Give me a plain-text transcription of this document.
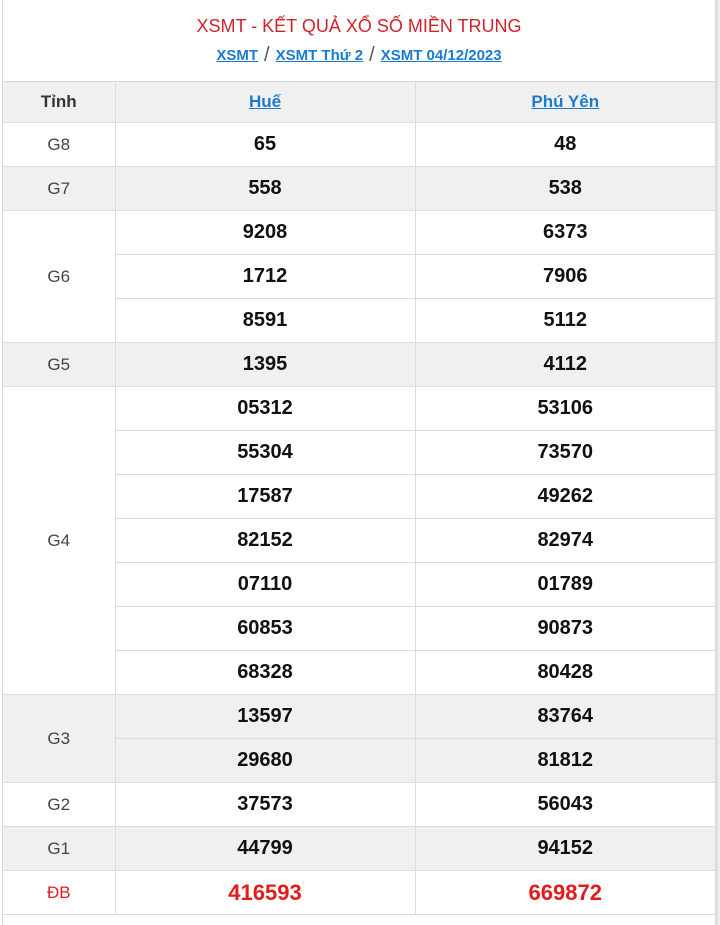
XSMT - KẾT QUẢ XỔ SỐ MIỀN TRUNG
XSMT / XSMT Thứ 2 / XSMT 04/12/2023
Tỉnh	Huế	Phú Yên
G8	65	48
G7	558	538
G6	9208	6373
	1712	7906
	8591	5112
G5	1395	4112
G4	05312	53106
	55304	73570
	17587	49262
	82152	82974
	07110	01789
	60853	90873
	68328	80428
G3	13597	83764
	29680	81812
G2	37573	56043
G1	44799	94152
ĐB	416593	669872
